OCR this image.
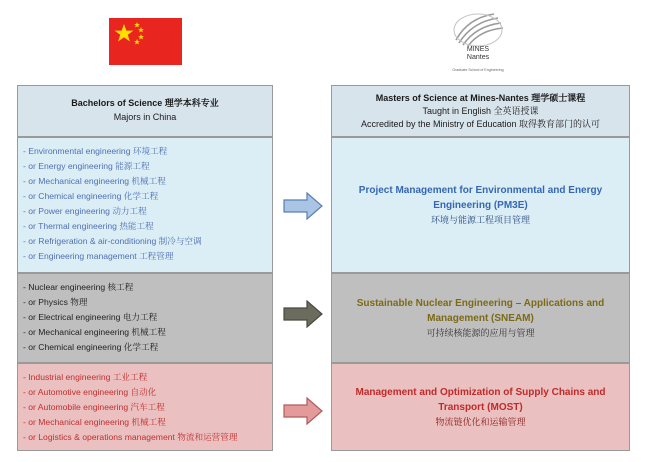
MINES
Nantes
Graduate School of Engineering
Bachelors of Science 理学本科专业
Majors in China
- Environmental engineering 环境工程
- or Energy engineering 能源工程
- or Mechanical engineering 机械工程
- or Chemical engineering 化学工程
- or Power engineering 动力工程
- or Thermal engineering 热能工程
- or Refrigeration & air-conditioning 制冷与空调
- or Engineering management 工程管理
- Nuclear engineering 核工程
- or Physics 物理
- or Electrical engineering 电力工程
- or Mechanical engineering 机械工程
- or Chemical engineering 化学工程
- Industrial engineering 工业工程
- or Automotive engineering 自动化
- or Automobile engineering 汽车工程
- or Mechanical engineering 机械工程
- or Logistics & operations management 物流和运营管理
Masters of Science at Mines-Nantes 理学硕士课程
Taught in English 全英语授课
Accredited by the Ministry of Education 取得教育部门的认可
Project Management for Environmental and Energy
Engineering (PM3E)
环境与能源工程项目管理
Sustainable Nuclear Engineering – Applications and
Management (SNEAM)
可持续核能源的应用与管理
Management and Optimization of Supply Chains and
Transport (MOST)
物流链优化和运输管理
